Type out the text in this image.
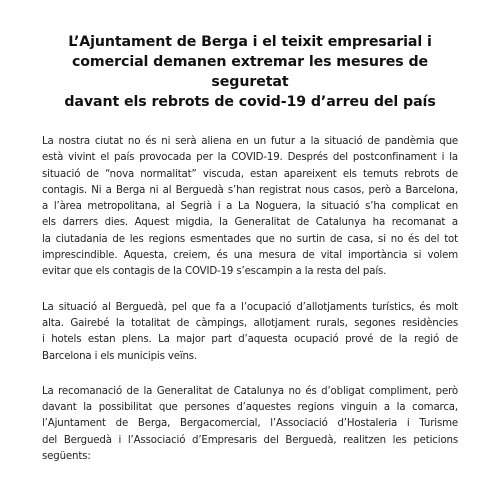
L’Ajuntament de Berga i el teixit empresarial i
comercial demanen extremar les mesures de seguretat
davant els rebrots de covid-19 d’arreu del país

La nostra ciutat no és ni serà aliena en un futur a la situació de pandèmia que
està vivint el país provocada per la COVID-19. Després del postconfinament i la
situació de “nova normalitat” viscuda, estan apareixent els temuts rebrots de
contagis. Ni a Berga ni al Berguedà s’han registrat nous casos, però a Barcelona,
a l’àrea metropolitana, al Segrià i a La Noguera, la situació s’ha complicat en
els darrers dies. Aquest migdia, la Generalitat de Catalunya ha recomanat a
la ciutadania de les regions esmentades que no surtin de casa, si no és del tot
imprescindible. Aquesta, creiem, és una mesura de vital importància si volem
evitar que els contagis de la COVID-19 s’escampin a la resta del país.

La situació al Berguedà, pel que fa a l’ocupació d’allotjaments turístics, és molt
alta. Gairebé la totalitat de càmpings, allotjament rurals, segones residències
i hotels estan plens. La major part d’aquesta ocupació prové de la regió de
Barcelona i els municipis veïns.

La recomanació de la Generalitat de Catalunya no és d’obligat compliment, però
davant la possibilitat que persones d’aquestes regions vinguin a la comarca,
l’Ajuntament de Berga, Bergacomercial, l’Associació d’Hostaleria i Turisme
del Berguedà i l’Associació d’Empresaris del Berguedà, realitzen les peticions
següents:
